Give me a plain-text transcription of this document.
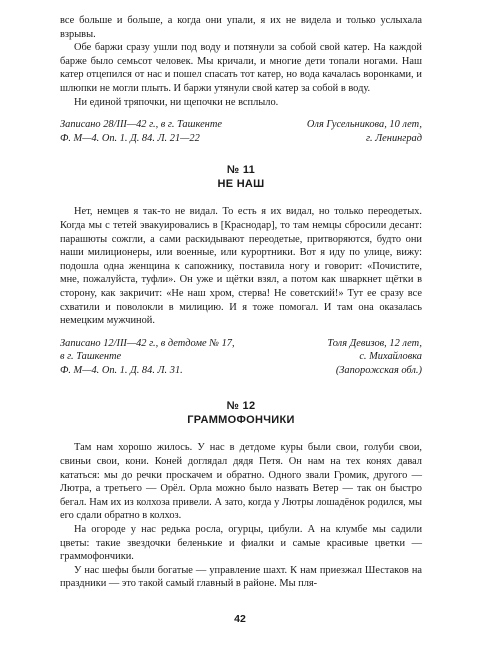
все больше и больше, а когда они упали, я их не видела и только услыхала взрывы.

Обе баржи сразу ушли под воду и потянули за собой свой катер. На каждой барже было семьсот человек. Мы кричали, и многие дети топали ногами. Наш катер отцепился от нас и пошел спасать тот катер, но вода качалась воронками, и шлюпки не могли плыть. И баржи утянули свой катер за собой в воду.

Ни единой тряпочки, ни щепочки не всплыло.

Записано 28/III—42 г., в г. Ташкенте
Ф. М—4. Оп. 1. Д. 84. Л. 21—22
Оля Гусельникова, 10 лет,
г. Ленинград
№ 11
НЕ НАШ

Нет, немцев я так-то не видал. То есть я их видал, но только переодетых. Когда мы с тетей эвакуировались в [Краснодар], то там немцы сбросили десант: парашюты сожгли, а сами раскидывают переодетые, притворяются, будто они наши милиционеры, или военные, или курортники. Вот я иду по улице, вижу: подошла одна женщина к сапожнику, поставила ногу и говорит: «Почистите, мне, пожалуйста, туфли». Он уже и щётки взял, а потом как шваркнет щётки в сторону, как закричит: «Не наш хром, стерва! Не советский!» Тут ее сразу все схватили и поволокли в милицию. И я тоже помогал. И там она оказалась немецким мужчиной.

Записано 12/III—42 г., в детдоме № 17,
в г. Ташкенте
Ф. М—4. Оп. 1. Д. 84. Л. 31.
Толя Девизов, 12 лет,
с. Михайловка
(Запорожская обл.)
№ 12
ГРАММОФОНЧИКИ

Там нам хорошо жилось. У нас в детдоме куры были свои, голуби свои, свиньи свои, кони. Коней доглядал дядя Петя. Он нам на тех конях давал кататься: мы до речки проскачем и обратно. Одного звали Громик, другого — Лютра, а третьего — Орёл. Орла можно было назвать Ветер — так он быстро бегал. Нам их из колхоза привели. А зато, когда у Лютры лошадёнок родился, мы его сдали обратно в колхоз.

На огороде у нас редька росла, огурцы, цибули. А на клумбе мы садили цветы: такие звездочки беленькие и фиалки и самые красивые цветки — граммофончики.

У нас шефы были богатые — управление шахт. К нам приезжал Шестаков на праздники — это такой самый главный в районе. Мы пля-

42
